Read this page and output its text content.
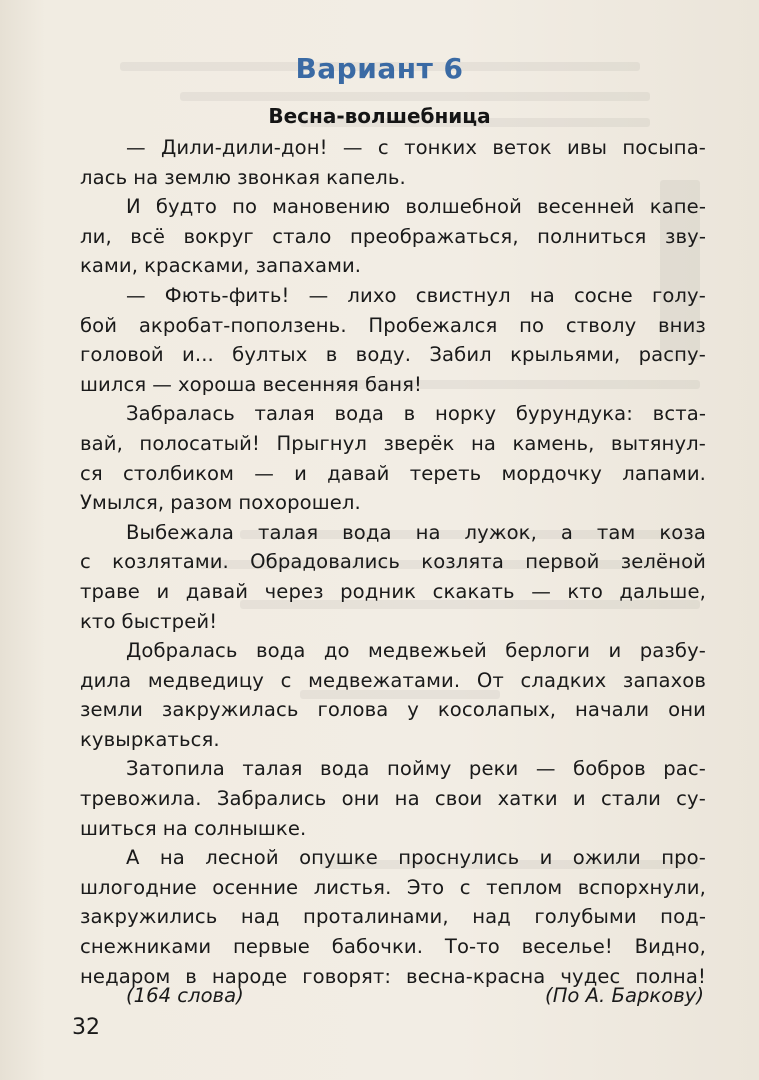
Вариант 6
Весна-волшебница
— Дили-дили-дон! — с тонких веток ивы посыпа-
лась на землю звонкая капель.
И будто по мановению волшебной весенней капе-
ли, всё вокруг стало преображаться, полниться зву-
ками, красками, запахами.
— Фють-фить! — лихо свистнул на сосне голу-
бой акробат-поползень. Пробежался по стволу вниз
головой и... бултых в воду. Забил крыльями, распу-
шился — хороша весенняя баня!
Забралась талая вода в норку бурундука: вста-
вай, полосатый! Прыгнул зверёк на камень, вытянул-
ся столбиком — и давай тереть мордочку лапами.
Умылся, разом похорошел.
Выбежала талая вода на лужок, а там коза
с козлятами. Обрадовались козлята первой зелёной
траве и давай через родник скакать — кто дальше,
кто быстрей!
Добралась вода до медвежьей берлоги и разбу-
дила медведицу с медвежатами. От сладких запахов
земли закружилась голова у косолапых, начали они
кувыркаться.
Затопила талая вода пойму реки — бобров рас-
тревожила. Забрались они на свои хатки и стали су-
шиться на солнышке.
А на лесной опушке проснулись и ожили про-
шлогодние осенние листья. Это с теплом вспорхнули,
закружились над проталинами, над голубыми под-
снежниками первые бабочки. То-то веселье! Видно,
недаром в народе говорят: весна-красна чудес полна!
(164 слова)	(По А. Баркову)
32
